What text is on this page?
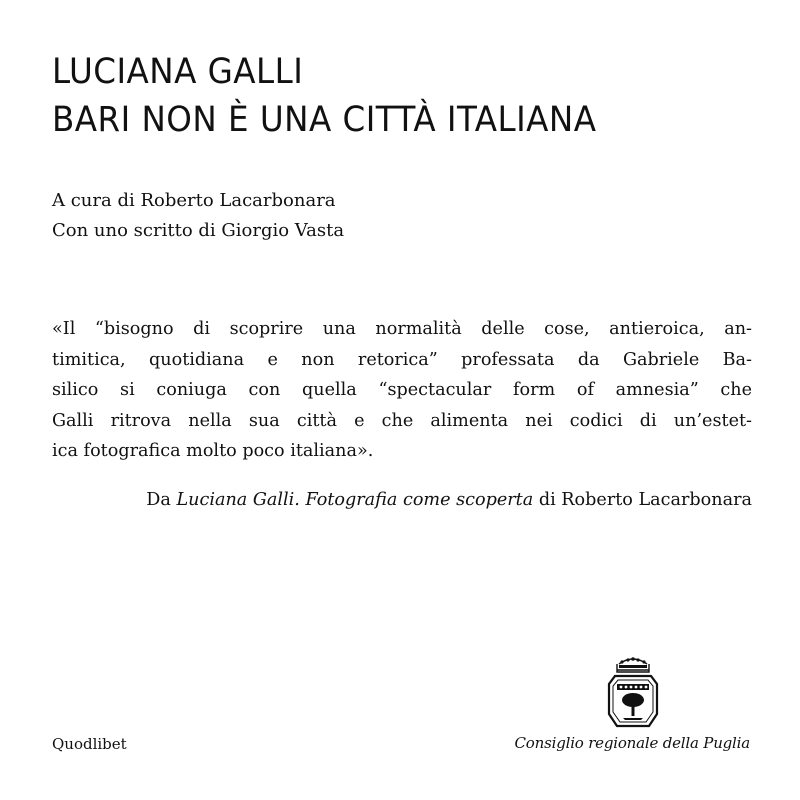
LUCIANA GALLI
BARI NON È UNA CITTÀ ITALIANA
A cura di Roberto Lacarbonara
Con uno scritto di Giorgio Vasta
«Il “bisogno di scoprire una normalità delle cose, antieroica, an-
timitica, quotidiana e non retorica” professata da Gabriele Ba-
silico si coniuga con quella “spectacular form of amnesia” che
Galli ritrova nella sua città e che alimenta nei codici di un’estet-
ica fotografica molto poco italiana».
Da Luciana Galli. Fotografia come scoperta di Roberto Lacarbonara
Quodlibet	Consiglio regionale della Puglia
